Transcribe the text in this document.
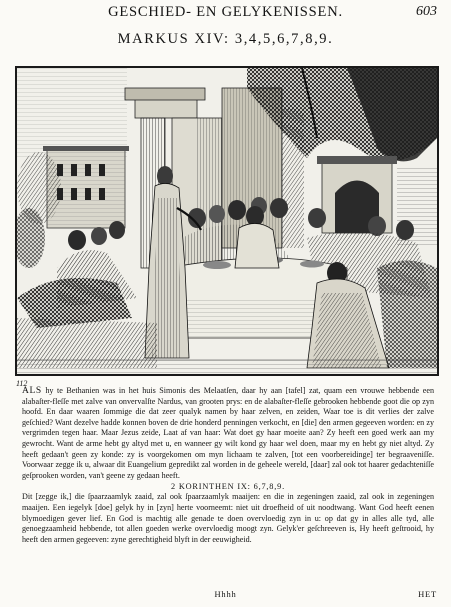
GESCHIED- EN GELYKENISSEN.	603
MARKUS XIV: 3,4,5,6,7,8,9.
112

ALS hy te Bethanien was in het huis Simonis des Melaatſen, daar hy aan [tafel] zat, quam een vrouwe hebbende een alabaſter-fleſſe met zalve van onvervalſte Nardus, van grooten prys: en de alabaſter-fleſſe gebrooken hebbende goot die op zyn hoofd. En daar waaren ſommige die dat zeer qualyk namen by haar zelven, en zeiden, Waar toe is dit verlies der zalve geſchied? Want dezelve hadde konnen boven de drie honderd penningen verkocht, en [die] den armen gegeeven worden: en zy vergrimden tegen haar. Maar Jezus zeide, Laat af van haar: Wat doet gy haar moeite aan? Zy heeft een goed werk aan my gewrocht. Want de arme hebt gy altyd met u, en wanneer gy wilt kond gy haar wel doen, maar my en hebt gy niet altyd. Zy heeft gedaan't geen zy konde: zy is voorgekomen om myn lichaam te zalven, [tot een voorbereidinge] ter begraaveniſſe. Voorwaar zegge ik u, alwaar dit Euangelium gepredikt zal worden in de geheele wereld, [daar] zal ook tot haarer gedachteniſſe geſprooken worden, van't geene zy gedaan heeft.

2 KORINTHEN IX: 6,7,8,9.

Dit [zegge ik,] die ſpaarzaamlyk zaaid, zal ook ſpaarzaamlyk maaijen: en die in zegeningen zaaid, zal ook in zegeningen maaijen. Een iegelyk [doe] gelyk hy in [zyn] herte voorneemt: niet uit droefheid of uit noodtwang. Want God heeft eenen blymoedigen gever lief. En God is machtig alle genade te doen overvloedig zyn in u: op dat gy in alles alle tyd, alle genoegzaamheid hebbende, tot allen goeden werke overvloedig moogt zyn. Gelyk'er geſchreeven is, Hy heeft geſtrooid, hy heeft den armen gegeeven: zyne gerechtigheid blyft in der eeuwigheid.

Hhhh	HET
